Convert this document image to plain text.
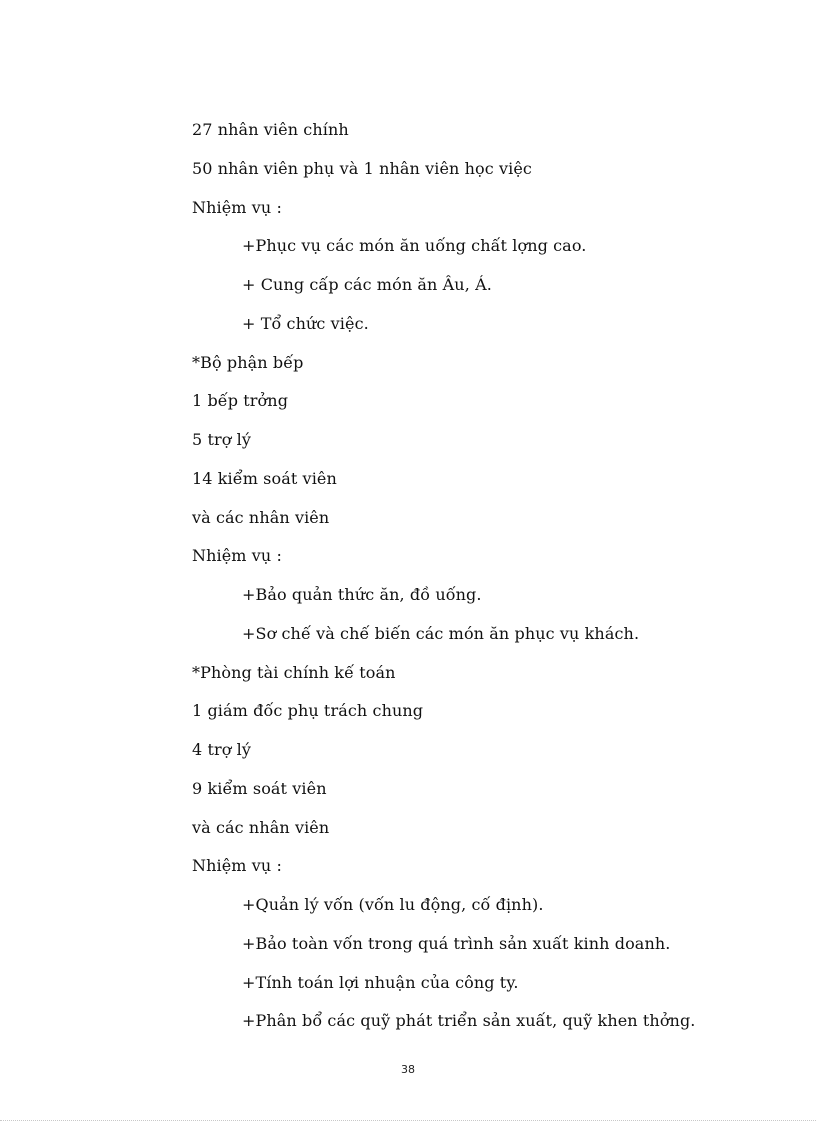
27 nhân viên chính
50 nhân viên phụ và 1 nhân viên học việc
Nhiệm vụ :
+Phục vụ các món ăn uống chất lợng cao.
+ Cung cấp các món ăn Âu, Á.
+ Tổ chức việc.
*Bộ phận bếp
1 bếp trởng
5 trợ lý
14 kiểm soát viên
và các nhân viên
Nhiệm vụ :
+Bảo quản thức ăn, đồ uống.
+Sơ chế và chế biến các món ăn phục vụ khách.
*Phòng tài chính kế toán
1 giám đốc phụ trách chung
4 trợ lý
9 kiểm soát viên
và các nhân viên
Nhiệm vụ :
+Quản lý vốn (vốn lu động, cố định).
+Bảo toàn vốn trong quá trình sản xuất kinh doanh.
+Tính toán lợi nhuận của công ty.
+Phân bổ các quỹ phát triển sản xuất, quỹ khen thởng.
38
